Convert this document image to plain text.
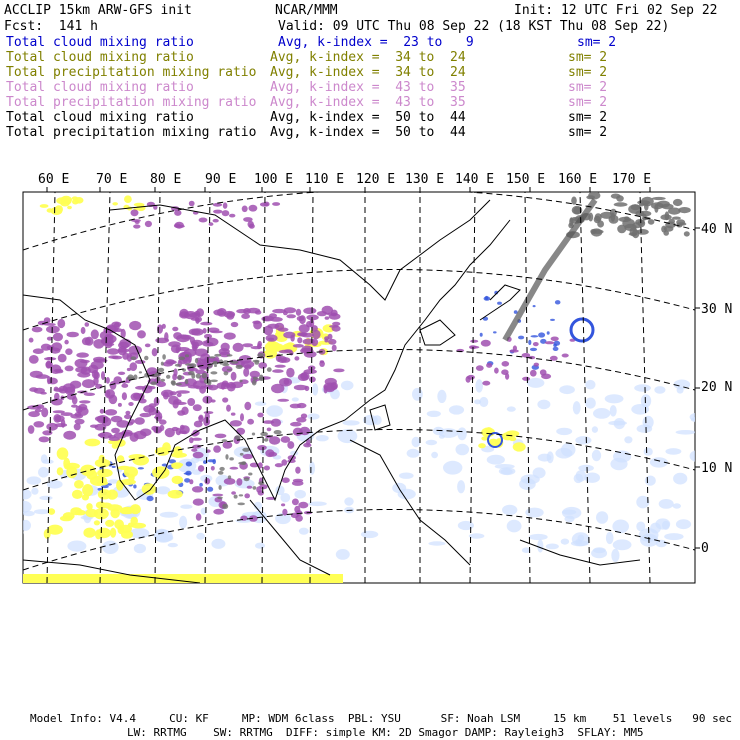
ACCLIP 15km ARW-GFS init	NCAR/MMM	Init: 12 UTC Fri 02 Sep 22
Fcst:  141 h	Valid: 09 UTC Thu 08 Sep 22 (18 KST Thu 08 Sep 22)
Total cloud mixing ratio	Avg, k-index =  23 to   9	sm= 2
Total cloud mixing ratio	Avg, k-index =  34 to  24	sm= 2
Total precipitation mixing ratio Avg, k-index =  34 to  24	sm= 2
Total cloud mixing ratio	Avg, k-index =  43 to  35	sm= 2
Total precipitation mixing ratio Avg, k-index =  43 to  35	sm= 2
Total cloud mixing ratio	Avg, k-index =  50 to  44	sm= 2
Total precipitation mixing ratio Avg, k-index =  50 to  44	sm= 2
60 E 70 E 80 E 90 E 100 E 110 E 120 E 130 E 140 E 150 E 160 E 170 E
40 N
30 N
20 N
10 N
0
Model Info: V4.4     CU: KF     MP: WDM 6class  PBL: YSU      SF: Noah LSM     15 km    51 levels   90 sec
LW: RRTMG    SW: RRTMG  DIFF: simple KM: 2D Smagor DAMP: Rayleigh3  SFLAY: MM5
